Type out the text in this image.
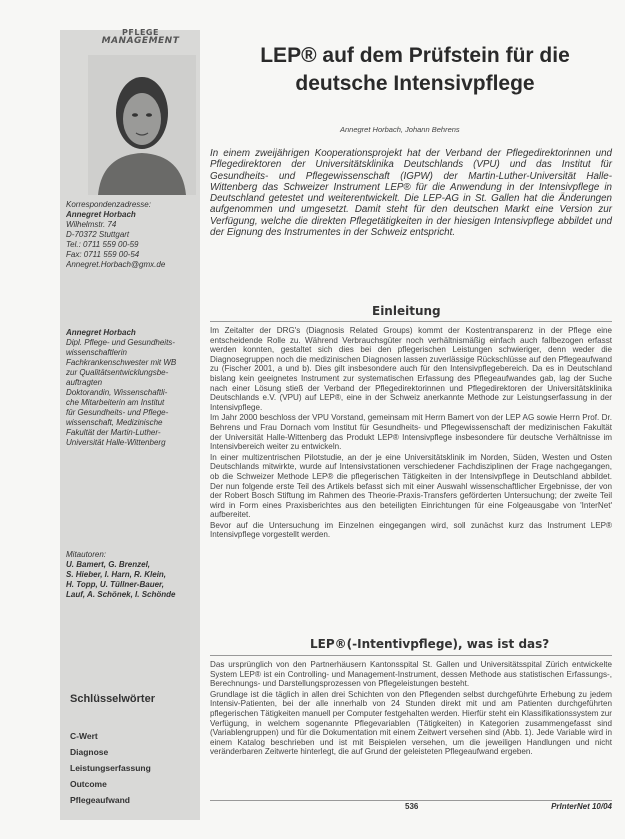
PFLEGE
MANAGEMENT
Korrespondenzadresse:
Annegret Horbach
Wilhelmstr. 74
D-70372 Stuttgart
Tel.: 0711 559 00-59
Fax: 0711 559 00-54
Annegret.Horbach@gmx.de
Annegret Horbach
Dipl. Pflege- und Gesundheits-
wissenschaftlerin
Fachkrankenschwester mit WB
zur Qualitätsentwicklungsbe-
auftragten
Doktorandin, Wissenschaftli-
che Mitarbeiterin am Institut
für Gesundheits- und Pflege-
wissenschaft, Medizinische
Fakultät der Martin-Luther-
Universität Halle-Wittenberg
Mitautoren:
U. Bamert, G. Brenzel,
S. Hieber, I. Harn, R. Klein,
H. Topp, U. Tüllner-Bauer,
Lauf, A. Schönek, I. Schönde
Schlüsselwörter
C-Wert
Diagnose
Leistungserfassung
Outcome
Pflegeaufwand
LEP® auf dem Prüfstein für die
deutsche Intensivpflege
Annegret Horbach, Johann Behrens
In einem zweijährigen Kooperationsprojekt hat der Verband der Pflegedirektorinnen und Pflegedirektoren der Universitätsklinika Deutschlands (VPU) und das Institut für Gesundheits- und Pflegewissenschaft (IGPW) der Martin-Luther-Universität Halle-Wittenberg das Schweizer Instrument LEP® für die Anwendung in der Intensivpflege in Deutschland getestet und weiterentwickelt. Die LEP-AG in St. Gallen hat die Änderungen aufgenommen und umgesetzt. Damit steht für den deutschen Markt eine Version zur Verfügung, welche die direkten Pflegetätigkeiten in der hiesigen Intensivpflege abbildet und der Eignung des Instrumentes in der Schweiz entspricht.
Einleitung

Im Zeitalter der DRG's (Diagnosis Related Groups) kommt der Kostentransparenz in der Pflege eine entscheidende Rolle zu. Während Verbrauchsgüter noch verhältnismäßig einfach auch fallbezogen erfasst werden konnten, gestaltet sich dies bei den pflegerischen Leistungen schwieriger, denn weder die Diagnosegruppen noch die medizinischen Diagnosen lassen zuverlässige Rückschlüsse auf den Pflegeaufwand zu (Fischer 2001, a und b). Dies gilt insbesondere auch für den Intensivpflegebereich. Da es in Deutschland bislang kein geeignetes Instrument zur systematischen Erfassung des Pflegeaufwandes gab, lag der Suche nach einer Lösung stieß der Verband der Pflegedirektorinnen und Pflegedirektoren der Universitätsklinika Deutschlands e.V. (VPU) auf LEP®, eine in der Schweiz anerkannte Methode zur Leistungserfassung in der Intensivpflege.

Im Jahr 2000 beschloss der VPU Vorstand, gemeinsam mit Herrn Bamert von der LEP AG sowie Herrn Prof. Dr. Behrens und Frau Dornach vom Institut für Gesundheits- und Pflegewissenschaft der medizinischen Fakultät der Universität Halle-Wittenberg das Produkt LEP® Intensivpflege insbesondere für deutsche Verhältnisse im Intensivbereich weiter zu entwickeln.

In einer multizentrischen Pilotstudie, an der je eine Universitätsklinik im Norden, Süden, Westen und Osten Deutschlands mitwirkte, wurde auf Intensivstationen verschiedener Fachdisziplinen der Frage nachgegangen, ob die Schweizer Methode LEP® die pflegerischen Tätigkeiten in der Intensivpflege in Deutschland abbildet. Der nun folgende erste Teil des Artikels befasst sich mit einer Auswahl wissenschaftlicher Ergebnisse, der von der Robert Bosch Stiftung im Rahmen des Theorie-Praxis-Transfers geförderten Untersuchung; der zweite Teil wird in Form eines Praxisberichtes aus den beteiligten Einrichtungen für eine Folgeausgabe von 'InterNet' aufbereitet.

Bevor auf die Untersuchung im Einzelnen eingegangen wird, soll zunächst kurz das Instrument LEP® Intensivpflege vorgestellt werden.

LEP®(-Intentivpflege), was ist das?

Das ursprünglich von den Partnerhäusern Kantonsspital St. Gallen und Universitätsspital Zürich entwickelte System LEP® ist ein Controlling- und Management-Instrument, dessen Methode aus statistischen Erfassungs-, Berechnungs- und Darstellungsprozessen von Pflegeleistungen besteht.

Grundlage ist die täglich in allen drei Schichten von den Pflegenden selbst durchgeführte Erhebung zu jedem Intensiv-Patienten, bei der alle innerhalb von 24 Stunden direkt mit und am Patienten durchgeführten pflegerischen Tätigkeiten manuell per Computer festgehalten werden. Hierfür steht ein Klassifikationssystem zur Verfügung, in welchem sogenannte Pflegevariablen (Tätigkeiten) in Kategorien zusammengefasst sind (Variablengruppen) und für die Dokumentation mit einem Zeitwert versehen sind (Abb. 1). Jede Variable wird in einem Katalog beschrieben und ist mit Beispielen versehen, um die jeweiligen Handlungen und nicht veränderbaren Zeitwerte hinterlegt, die auf Grund der geleisteten Pflegeaufwand ergeben.

536	PrInterNet 10/04
